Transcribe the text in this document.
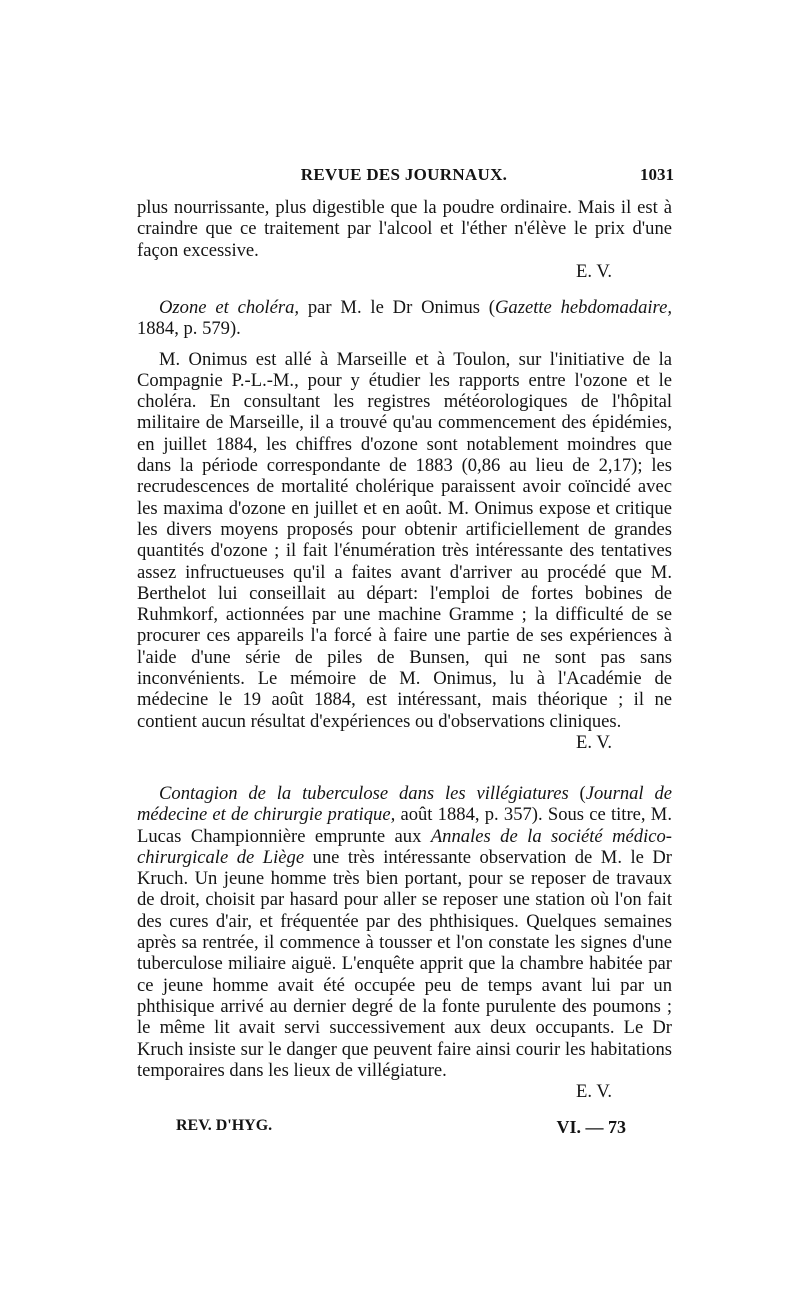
REVUE DES JOURNAUX.	1031

plus nourrissante, plus digestible que la poudre ordinaire. Mais il est à craindre que ce traitement par l'alcool et l'éther n'élève le prix d'une façon excessive.

E. V.

Ozone et choléra, par M. le Dr Onimus (Gazette hebdomadaire, 1884, p. 579).

M. Onimus est allé à Marseille et à Toulon, sur l'initiative de la Compagnie P.-L.-M., pour y étudier les rapports entre l'ozone et le choléra. En consultant les registres météorologiques de l'hôpital militaire de Marseille, il a trouvé qu'au commencement des épidémies, en juillet 1884, les chiffres d'ozone sont notablement moindres que dans la période correspondante de 1883 (0,86 au lieu de 2,17); les recrudescences de mortalité cholérique paraissent avoir coïncidé avec les maxima d'ozone en juillet et en août. M. Onimus expose et critique les divers moyens proposés pour obtenir artificiellement de grandes quantités d'ozone ; il fait l'énumération très intéressante des tentatives assez infructueuses qu'il a faites avant d'arriver au procédé que M. Berthelot lui conseillait au départ: l'emploi de fortes bobines de Ruhmkorf, actionnées par une machine Gramme ; la difficulté de se procurer ces appareils l'a forcé à faire une partie de ses expériences à l'aide d'une série de piles de Bunsen, qui ne sont pas sans inconvénients. Le mémoire de M. Onimus, lu à l'Académie de médecine le 19 août 1884, est intéressant, mais théorique ; il ne contient aucun résultat d'expériences ou d'observations cliniques.

E. V.

Contagion de la tuberculose dans les villégiatures (Journal de médecine et de chirurgie pratique, août 1884, p. 357). Sous ce titre, M. Lucas Championnière emprunte aux Annales de la société médico-chirurgicale de Liège une très intéressante observation de M. le Dr Kruch. Un jeune homme très bien portant, pour se reposer de travaux de droit, choisit par hasard pour aller se reposer une station où l'on fait des cures d'air, et fréquentée par des phthisiques. Quelques semaines après sa rentrée, il commence à tousser et l'on constate les signes d'une tuberculose miliaire aiguë. L'enquête apprit que la chambre habitée par ce jeune homme avait été occupée peu de temps avant lui par un phthisique arrivé au dernier degré de la fonte purulente des poumons ; le même lit avait servi successivement aux deux occupants. Le Dr Kruch insiste sur le danger que peuvent faire ainsi courir les habitations temporaires dans les lieux de villégiature.

E. V.

REV. D'HYG.	VI. — 73
